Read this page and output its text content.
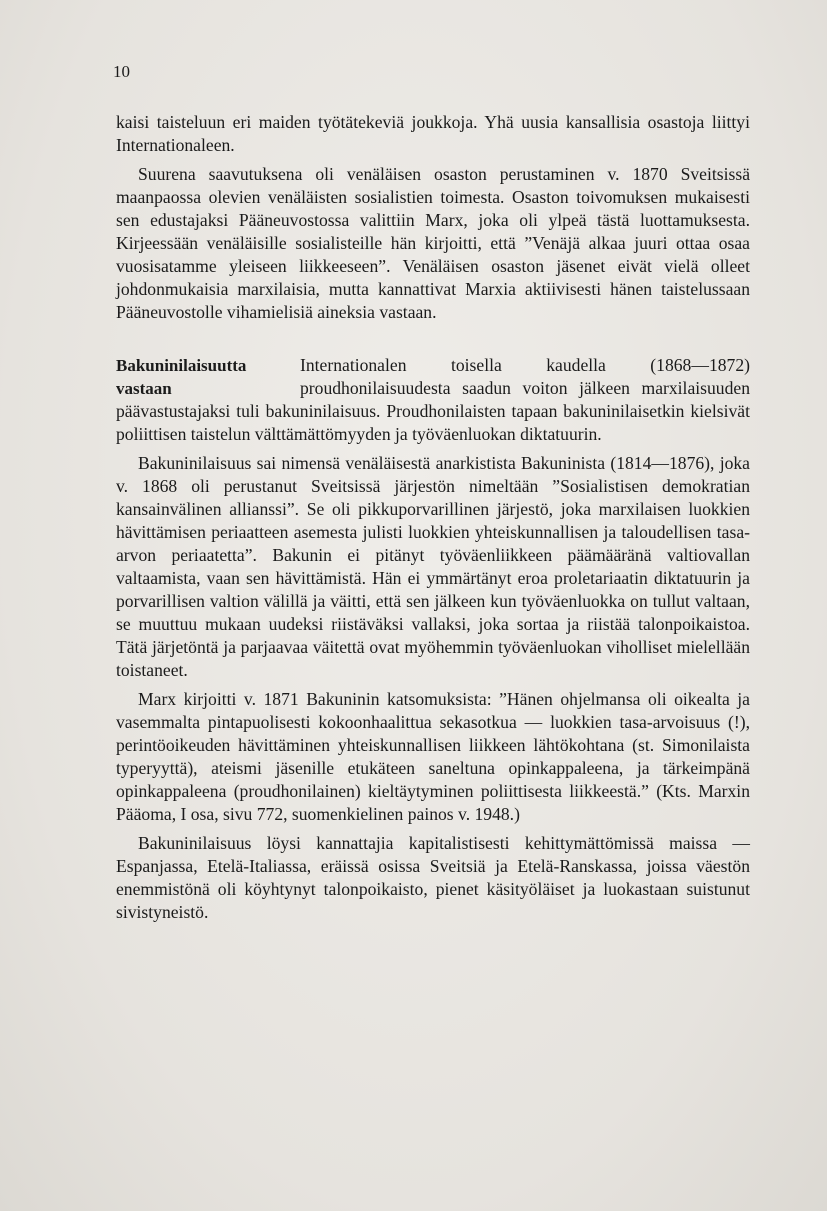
10

kaisi taisteluun eri maiden työtätekeviä joukkoja. Yhä uusia kansallisia osastoja liittyi Internationaleen.

Suurena saavutuksena oli venäläisen osaston perustaminen v. 1870 Sveitsissä maanpaossa olevien venäläisten sosialistien toimesta. Osaston toivomuksen mukaisesti sen edustajaksi Pääneuvostossa valittiin Marx, joka oli ylpeä tästä luottamuksesta. Kirjeessään venäläisille sosialisteille hän kirjoitti, että ”Venäjä alkaa juuri ottaa osaa vuosisatamme yleiseen liikkeeseen”. Venäläisen osaston jäsenet eivät vielä olleet johdonmukaisia marxilaisia, mutta kannattivat Marxia aktiivisesti hänen taistelussaan Pääneuvostolle vihamielisiä aineksia vastaan.

Bakuninilaisuutta
vastaan

Internationalen toisella kaudella (1868—1872) proudhonilaisuudesta saadun voiton jälkeen marxilaisuuden päävastustajaksi tuli bakuninilaisuus. Proudhonilaisten tapaan bakuninilaisetkin kielsivät poliittisen taistelun välttämättömyyden ja työväenluokan diktatuurin.

Bakuninilaisuus sai nimensä venäläisestä anarkistista Bakuninista (1814—1876), joka v. 1868 oli perustanut Sveitsissä järjestön nimeltään ”Sosialistisen demokratian kansainvälinen allianssi”. Se oli pikkuporvarillinen järjestö, joka marxilaisen luokkien hävittämisen periaatteen asemesta julisti luokkien yhteiskunnallisen ja taloudellisen tasa-arvon periaatetta”. Bakunin ei pitänyt työväenliikkeen päämääränä valtiovallan valtaamista, vaan sen hävittämistä. Hän ei ymmärtänyt eroa proletariaatin diktatuurin ja porvarillisen valtion välillä ja väitti, että sen jälkeen kun työväenluokka on tullut valtaan, se muuttuu mukaan uudeksi riistäväksi vallaksi, joka sortaa ja riistää talonpoikaistoa. Tätä järjetöntä ja parjaavaa väitettä ovat myöhemmin työväenluokan viholliset mielellään toistaneet.

Marx kirjoitti v. 1871 Bakuninin katsomuksista: ”Hänen ohjelmansa oli oikealta ja vasemmalta pintapuolisesti kokoonhaalittua sekasotkua — luokkien tasa-arvoisuus (!), perintöoikeuden hävittäminen yhteiskunnallisen liikkeen lähtökohtana (st. Simonilaista typeryyttä), ateismi jäsenille etukäteen saneltuna opinkappaleena, ja tärkeimpänä opinkappaleena (proudhonilainen) kieltäytyminen poliittisesta liikkeestä.” (Kts. Marxin Pääoma, I osa, sivu 772, suomenkielinen painos v. 1948.)

Bakuninilaisuus löysi kannattajia kapitalistisesti kehittymättömissä maissa — Espanjassa, Etelä-Italiassa, eräissä osissa Sveitsiä ja Etelä-Ranskassa, joissa väestön enemmistönä oli köyhtynyt talonpoikaisto, pienet käsityöläiset ja luokastaan suistunut sivistyneistö.
